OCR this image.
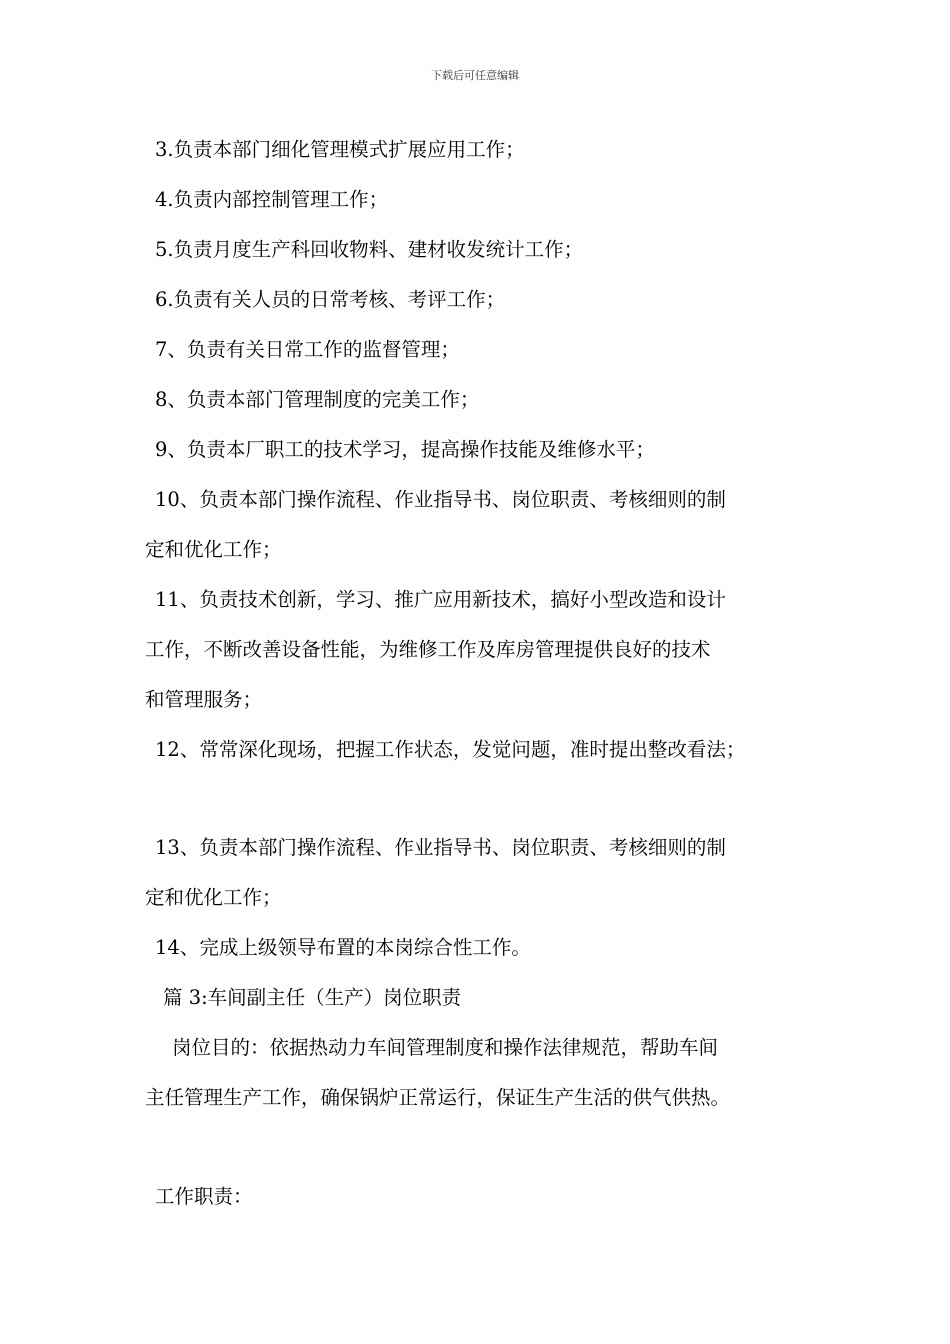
下载后可任意编辑
3.负责本部门细化管理模式扩展应用工作；
4.负责内部控制管理工作；
5.负责月度生产科回收物料、建材收发统计工作；
6.负责有关人员的日常考核、考评工作；
7、负责有关日常工作的监督管理；
8、负责本部门管理制度的完美工作；
9、负责本厂职工的技术学习，提高操作技能及维修水平；
10、负责本部门操作流程、作业指导书、岗位职责、考核细则的制
定和优化工作；
11、负责技术创新，学习、推广应用新技术，搞好小型改造和设计
工作，不断改善设备性能，为维修工作及库房管理提供良好的技术
和管理服务；
12、常常深化现场，把握工作状态，发觉问题，准时提出整改看法；
13、负责本部门操作流程、作业指导书、岗位职责、考核细则的制
定和优化工作；
14、完成上级领导布置的本岗综合性工作。
篇 3:车间副主任（生产）岗位职责
岗位目的：依据热动力车间管理制度和操作法律规范，帮助车间
主任管理生产工作，确保锅炉正常运行，保证生产生活的供气供热。
工作职责：
